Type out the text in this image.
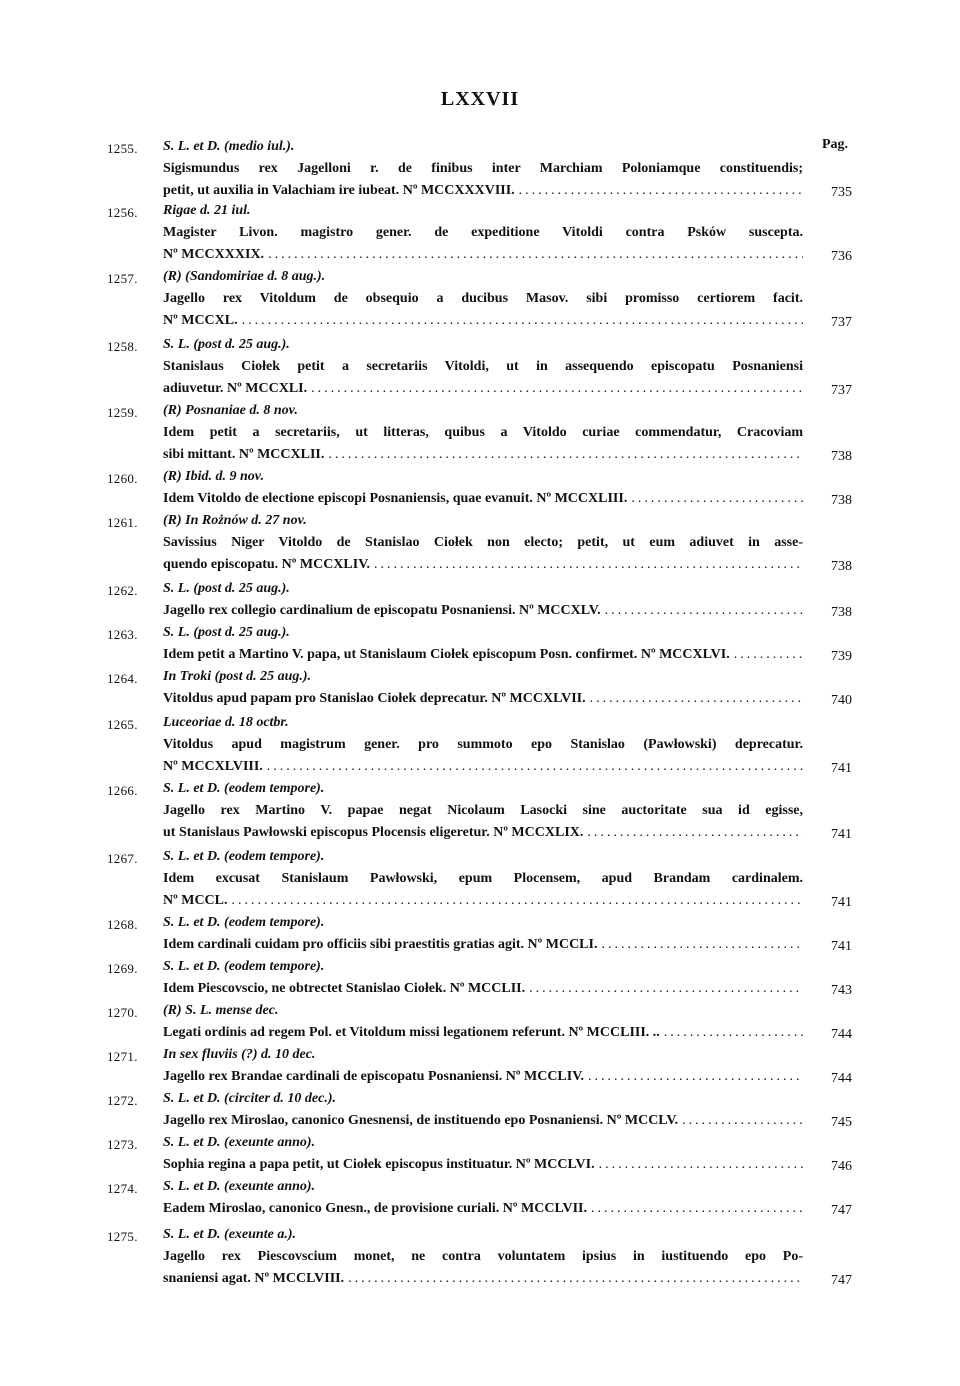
LXXVII
Pag.
1255. S. L. et D. (medio iul.).
Sigismundus rex Jagelloni r. de finibus inter Marchiam Poloniamque constituendis;
petit, ut auxilia in Valachiam ire iubeat. Nº MCCXXXVIII. .....	735
1256. Rigae d. 21 iul.
Magister Livon. magistro gener. de expeditione Vitoldi contra Psków suscepta.
Nº MCCXXXIX. .....	736
1257. (R) (Sandomiriae d. 8 aug.).
Jagello rex Vitoldum de obsequio a ducibus Masov. sibi promisso certiorem facit.
Nº MCCXL. .....	737
1258. S. L. (post d. 25 aug.).
Stanislaus Ciołek petit a secretariis Vitoldi, ut in assequendo episcopatu Posnaniensi
adiuvetur. Nº MCCXLI. .....	737
1259. (R) Posnaniae d. 8 nov.
Idem petit a secretariis, ut litteras, quibus a Vitoldo curiae commendatur, Cracoviam
sibi mittant. Nº MCCXLII. .....	738
1260. (R) Ibid. d. 9 nov.
Idem Vitoldo de electione episcopi Posnaniensis, quae evanuit. Nº MCCXLIII. .....	738
1261. (R) In Rożnów d. 27 nov.
Savissius Niger Vitoldo de Stanislao Ciołek non electo; petit, ut eum adiuvet in asse-
quendo episcopatu. Nº MCCXLIV. .....	738
1262. S. L. (post d. 25 aug.).
Jagello rex collegio cardinalium de episcopatu Posnaniensi. Nº MCCXLV. .....	738
1263. S. L. (post d. 25 aug.).
Idem petit a Martino V. papa, ut Stanislaum Ciołek episcopum Posn. confirmet. Nº MCCXLVI. .....	739
1264. In Troki (post d. 25 aug.).
Vitoldus apud papam pro Stanislao Ciołek deprecatur. Nº MCCXLVII. .....	740
1265. Luceoriae d. 18 octbr.
Vitoldus apud magistrum gener. pro summoto epo Stanislao (Pawłowski) deprecatur.
Nº MCCXLVIII. .....	741
1266. S. L. et D. (eodem tempore).
Jagello rex Martino V. papae negat Nicolaum Lasocki sine auctoritate sua id egisse,
ut Stanislaus Pawłowski episcopus Plocensis eligeretur. Nº MCCXLIX. .....	741
1267. S. L. et D. (eodem tempore).
Idem excusat Stanislaum Pawłowski, epum Plocensem, apud Brandam cardinalem.
Nº MCCL. .....	741
1268. S. L. et D. (eodem tempore).
Idem cardinali cuidam pro officiis sibi praestitis gratias agit. Nº MCCLI. .....	741
1269. S. L. et D. (eodem tempore).
Idem Piescovscio, ne obtrectet Stanislao Ciołek. Nº MCCLII. .....	743
1270. (R) S. L. mense dec.
Legati ordinis ad regem Pol. et Vitoldum missi legationem referunt. Nº MCCLIII. .. .....	744
1271. In sex fluviis (?) d. 10 dec.
Jagello rex Brandae cardinali de episcopatu Posnaniensi. Nº MCCLIV. .....	744
1272. S. L. et D. (circiter d. 10 dec.).
Jagello rex Miroslao, canonico Gnesnensi, de instituendo epo Posnaniensi. Nº MCCLV. .....	745
1273. S. L. et D. (exeunte anno).
Sophia regina a papa petit, ut Ciołek episcopus instituatur. Nº MCCLVI. .....	746
1274. S. L. et D. (exeunte anno).
Eadem Miroslao, canonico Gnesn., de provisione curiali. Nº MCCLVII. .....	747
1275. S. L. et D. (exeunte a.).
Jagello rex Piescovscium monet, ne contra voluntatem ipsius in iustituendo epo Po-
snaniensi agat. Nº MCCLVIII. .....	747
